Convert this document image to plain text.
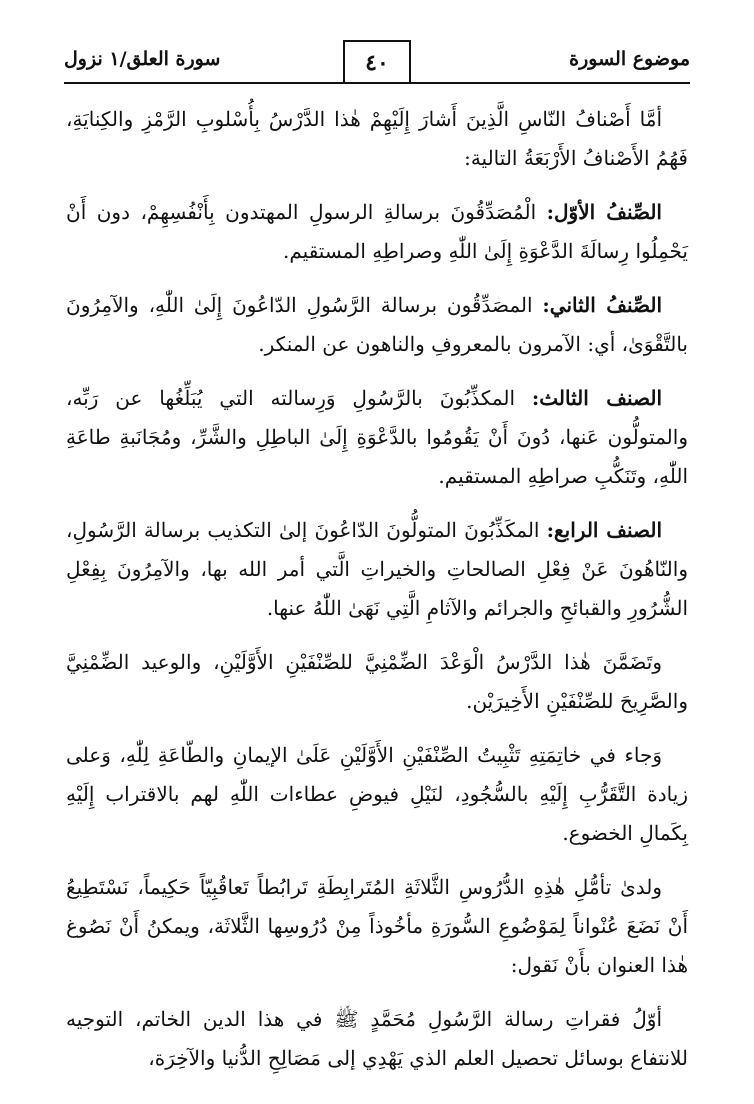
موضوع السورة
٤٠
سورة العلق/١ نزول

أمَّا أَصْنافُ النّاسِ الَّذِينَ أَشارَ إِلَيْهِمْ هٰذا الدَّرْسُ بِأُسْلوبِ الرَّمْزِ والكِنايَةِ، فَهُمُ الأَصْنافُ الأَرْبَعَةُ التالية:

الصِّنفُ الأوّل: الْمُصَدِّقُونَ برسالةِ الرسولِ المهتدون بِأَنْفُسِهِمْ، دون أَنْ يَحْمِلُوا رِسالَةَ الدَّعْوَةِ إِلَىٰ اللّٰهِ وصراطِهِ المستقيم.

الصِّنفُ الثاني: المصَدِّقُون برسالة الرَّسُولِ الدّاعُونَ إِلَىٰ اللّٰهِ، والآمِرُونَ بالتَّقْوَىٰ، أي: الآمرون بالمعروفِ والناهون عن المنكر.

الصنف الثالث: المكذِّبُونَ بالرَّسُولِ وَرِسالته التي يُبَلِّغُها عن رَبِّه، والمتولُّون عَنها، دُونَ أَنْ يَقُومُوا بالدَّعْوَةِ إِلَىٰ الباطِلِ والشَّرِّ، ومُجَانَبةِ طاعَةِ اللّٰهِ، وتَنَكُّبِ صراطِهِ المستقيم.

الصنف الرابع: المكَذِّبُونَ المتولُّونَ الدّاعُونَ إلىٰ التكذيب برسالة الرَّسُولِ، والنّاهُونَ عَنْ فِعْلِ الصالحاتِ والخيراتِ الَّتي أمر الله بها، والآمِرُونَ بِفِعْلِ الشُّرُورِ والقبائحِ والجرائم والآثامِ الَّتِي نَهَىٰ اللّٰهُ عنها.

وتَضَمَّنَ هٰذا الدَّرْسُ الْوَعْدَ الضِّمْنِيَّ للصِّنْفَيْنِ الأَوَّلَيْنِ، والوعيد الضِّمْنِيَّ والصَّرِيحَ للصِّنْفَيْنِ الأَخِيرَيْن.

وَجاء في خاتِمَتِهِ تَثْبِيتُ الصِّنْفَيْنِ الأَوَّلَيْنِ عَلَىٰ الإيمانِ والطّاعَةِ لِلّٰهِ، وَعلى زيادة التَّقَرُّبِ إِلَيْهِ بالسُّجُودِ، لنَيْلِ فيوضِ عطاءات اللّٰهِ لهم بالاقتراب إِلَيْهِ بِكَمالِ الخضوع.

ولدىٰ تأمُّلِ هٰذِهِ الدُّرُوسِ الثَّلاثَةِ المُتَرابِطَةِ تَرابُطاً تَعاقُبِيّاً حَكِيماً، نَسْتَطِيعُ أَنْ نَضَعَ عُنْواناً لِمَوْضُوعِ السُّورَةِ مأخُوذاً مِنْ دُرُوسِها الثَّلاثَة، ويمكنُ أَنْ نَصُوغ هٰذا العنوان بأَنْ نَقول:

أوّلُ فقراتِ رسالة الرَّسُولِ مُحَمَّدٍ ﷺ في هذا الدين الخاتم، التوجيه للانتفاع بوسائل تحصيل العلم الذي يَهْدِي إلى مَصَالِحِ الدُّنيا والآخِرَة،
